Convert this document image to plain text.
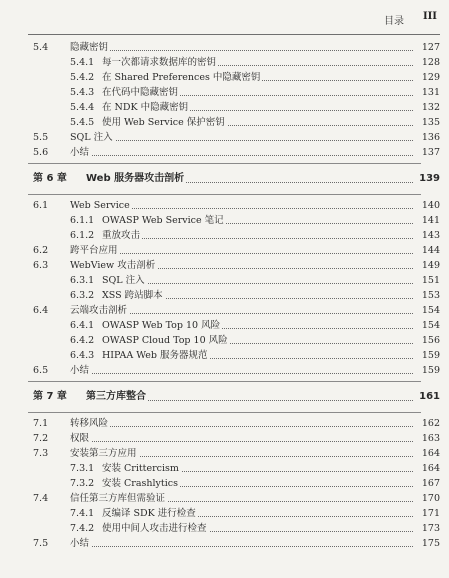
目录 III
5.4 隐藏密钥	127
5.4.1 每一次都请求数据库的密钥	128
5.4.2 在 Shared Preferences 中隐藏密钥	129
5.4.3 在代码中隐藏密钥	131
5.4.4 在 NDK 中隐藏密钥	132
5.4.5 使用 Web Service 保护密钥	135
5.5 SQL 注入	136
5.6 小结	137
第 6 章 Web 服务器攻击剖析	139
6.1 Web Service	140
6.1.1 OWASP Web Service 笔记	141
6.1.2 重放攻击	143
6.2 跨平台应用	144
6.3 WebView 攻击剖析	149
6.3.1 SQL 注入	151
6.3.2 XSS 跨站脚本	153
6.4 云端攻击剖析	154
6.4.1 OWASP Web Top 10 风险	154
6.4.2 OWASP Cloud Top 10 风险	156
6.4.3 HIPAA Web 服务器规范	159
6.5 小结	159
第 7 章 第三方库整合	161
7.1 转移风险	162
7.2 权限	163
7.3 安装第三方应用	164
7.3.1 安装 Crittercism	164
7.3.2 安装 Crashlytics	167
7.4 信任第三方库但需验证	170
7.4.1 反编译 SDK 进行检查	171
7.4.2 使用中间人攻击进行检查	173
7.5 小结	175
